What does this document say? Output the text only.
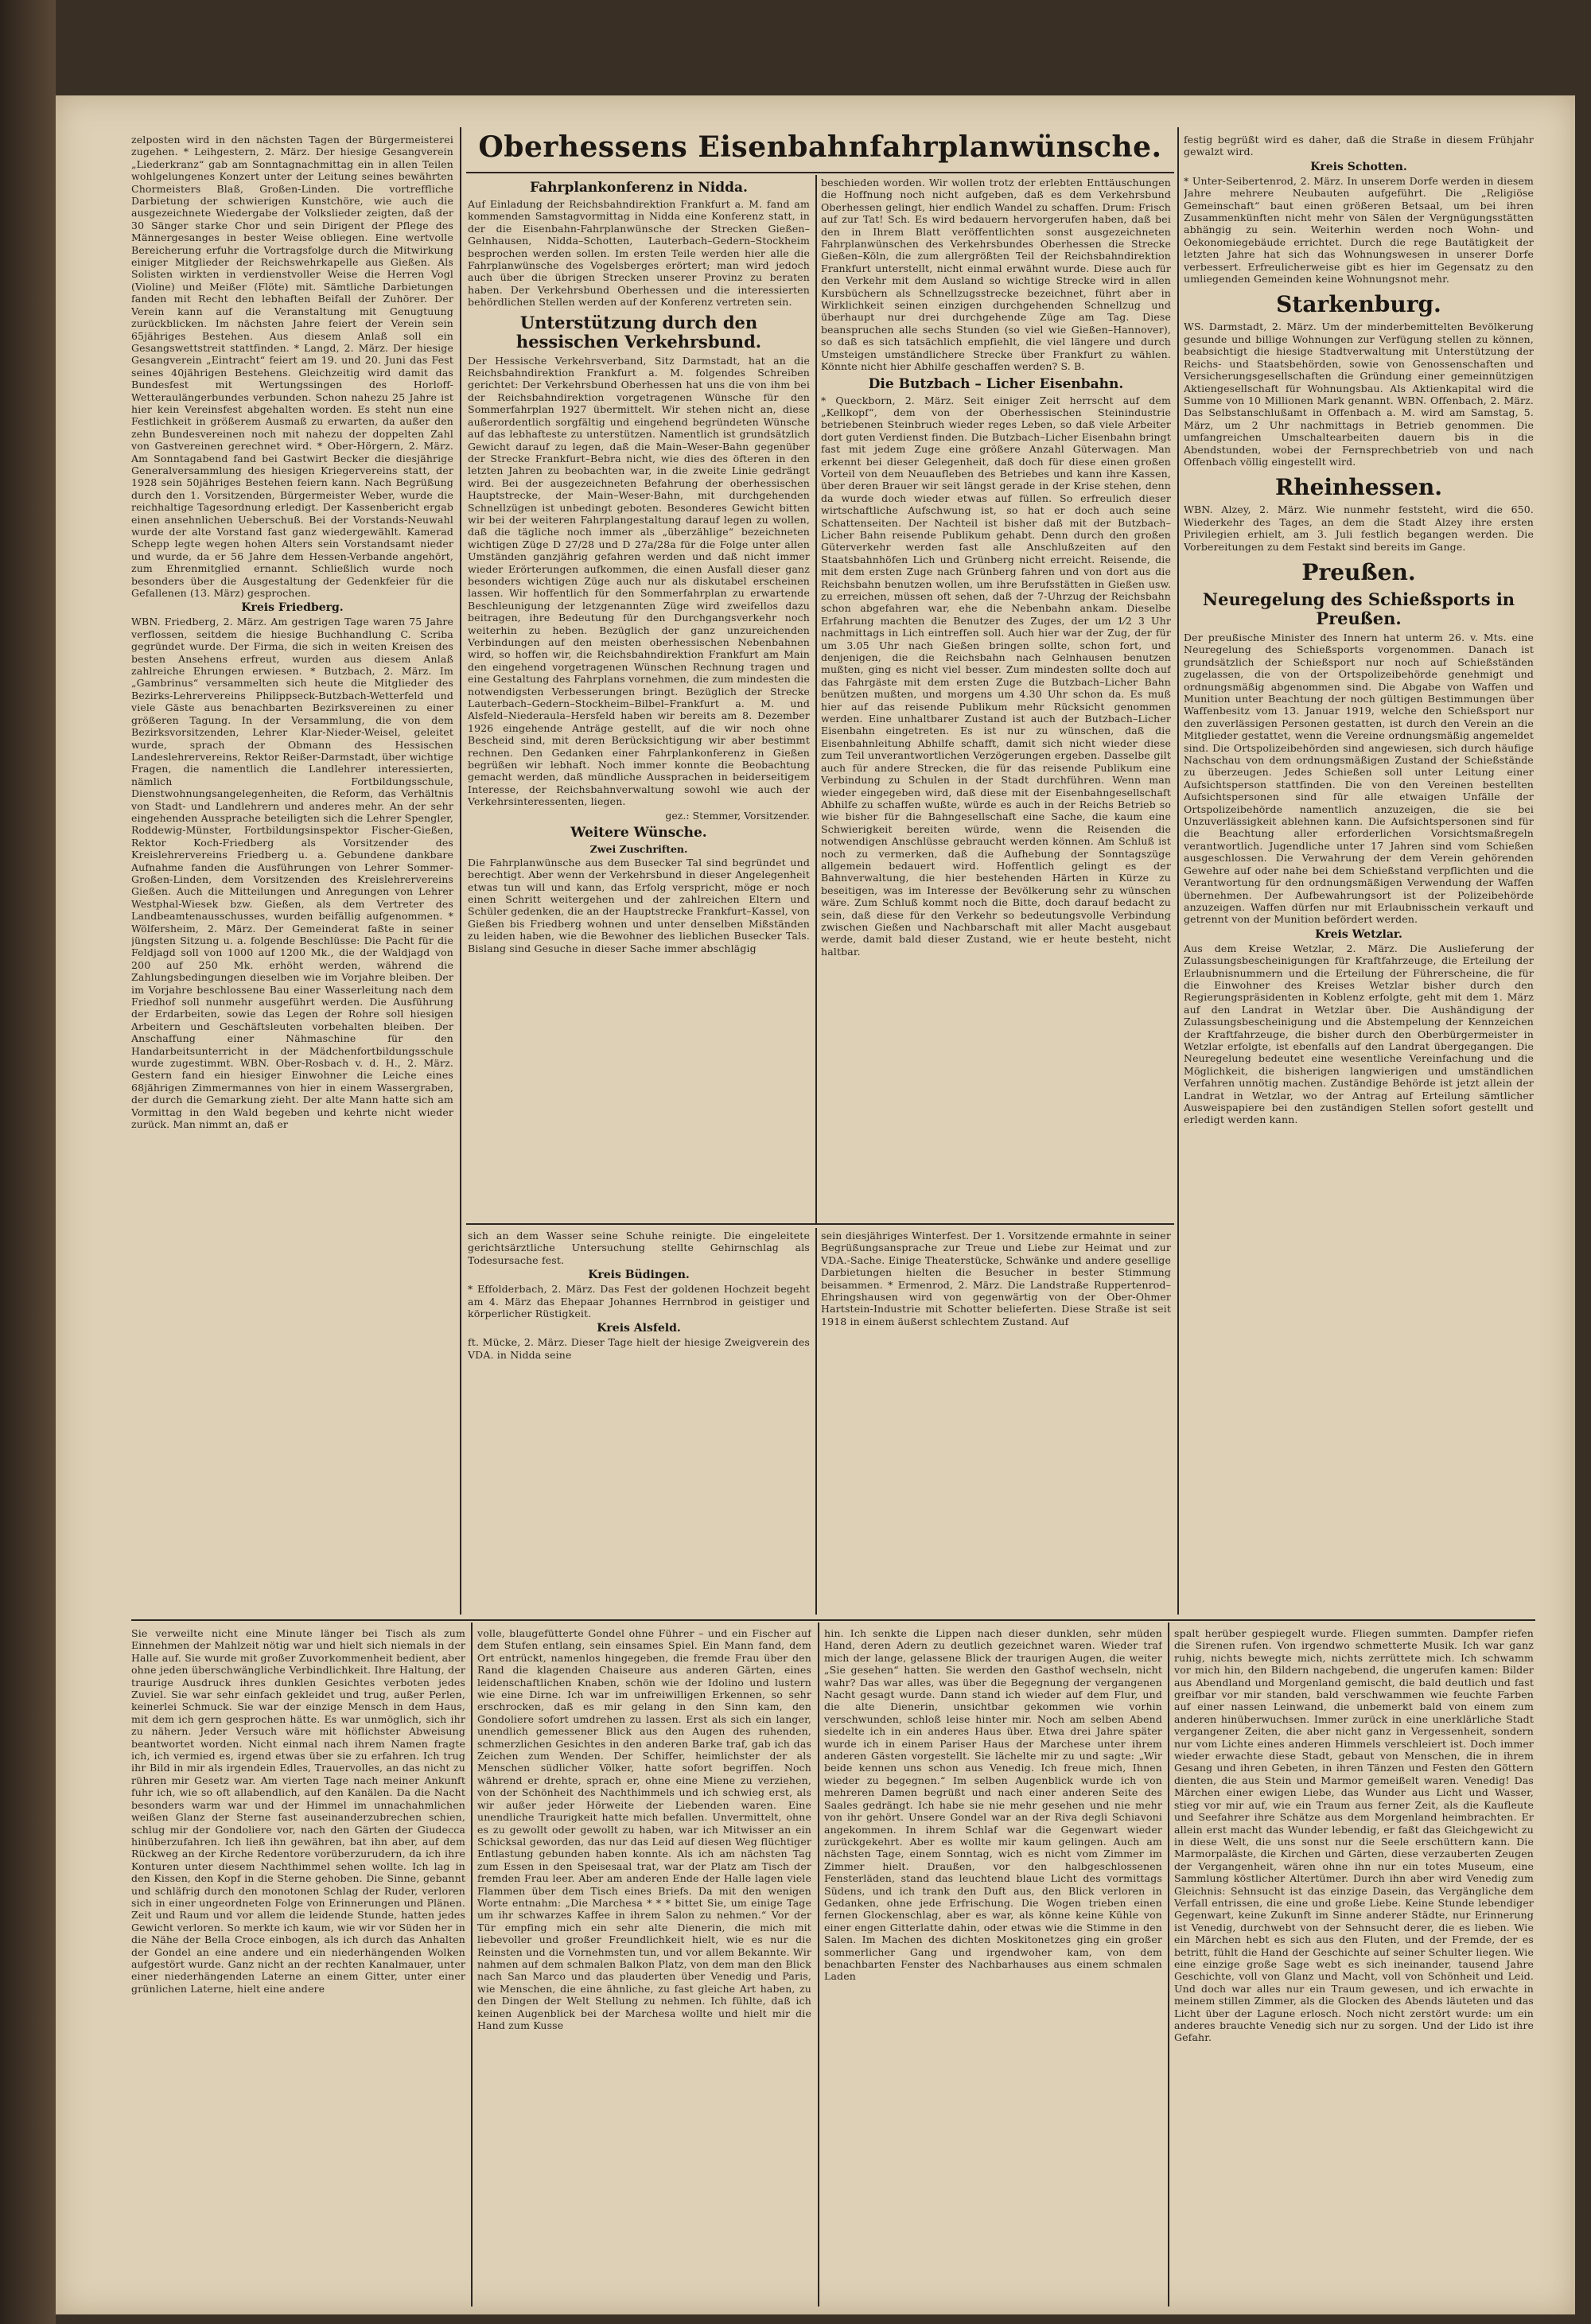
zelposten wird in den nächsten Tagen der Bürgermeisterei zugehen. * Leihgestern, 2. März. Der hiesige Gesangverein „Liederkranz“ gab am Sonntagnachmittag ein in allen Teilen wohlgelungenes Konzert unter der Leitung seines bewährten Chormeisters Blaß, Großen-Linden. Die vortreffliche Darbietung der schwierigen Kunstchöre, wie auch die ausgezeichnete Wiedergabe der Volkslieder zeigten, daß der 30 Sänger starke Chor und sein Dirigent der Pflege des Männergesanges in bester Weise obliegen. Eine wertvolle Bereicherung erfuhr die Vortragsfolge durch die Mitwirkung einiger Mitglieder der Reichswehrkapelle aus Gießen. Als Solisten wirkten in verdienstvoller Weise die Herren Vogl (Violine) und Meißer (Flöte) mit. Sämtliche Darbietungen fanden mit Recht den lebhaften Beifall der Zuhörer. Der Verein kann auf die Veranstaltung mit Genugtuung zurückblicken. Im nächsten Jahre feiert der Verein sein 65jähriges Bestehen. Aus diesem Anlaß soll ein Gesangswettstreit stattfinden. * Langd, 2. März. Der hiesige Gesangverein „Eintracht“ feiert am 19. und 20. Juni das Fest seines 40jährigen Bestehens. Gleichzeitig wird damit das Bundesfest mit Wertungssingen des Horloff-Wetteraulängerbundes verbunden. Schon nahezu 25 Jahre ist hier kein Vereinsfest abgehalten worden. Es steht nun eine Festlichkeit in größerem Ausmaß zu erwarten, da außer den zehn Bundesvereinen noch mit nahezu der doppelten Zahl von Gastvereinen gerechnet wird. * Ober-Hörgern, 2. März. Am Sonntagabend fand bei Gastwirt Becker die diesjährige Generalversammlung des hiesigen Kriegervereins statt, der 1928 sein 50jähriges Bestehen feiern kann. Nach Begrüßung durch den 1. Vorsitzenden, Bürgermeister Weber, wurde die reichhaltige Tagesordnung erledigt. Der Kassenbericht ergab einen ansehnlichen Ueberschuß. Bei der Vorstands-Neuwahl wurde der alte Vorstand fast ganz wiedergewählt. Kamerad Schepp legte wegen hohen Alters sein Vorstandsamt nieder und wurde, da er 56 Jahre dem Hessen-Verbande angehört, zum Ehrenmitglied ernannt. Schließlich wurde noch besonders über die Ausgestaltung der Gedenkfeier für die Gefallenen (13. März) gesprochen.
Kreis Friedberg.
WBN. Friedberg, 2. März. Am gestrigen Tage waren 75 Jahre verflossen, seitdem die hiesige Buchhandlung C. Scriba gegründet wurde. Der Firma, die sich in weiten Kreisen des besten Ansehens erfreut, wurden aus diesem Anlaß zahlreiche Ehrungen erwiesen. * Butzbach, 2. März. Im „Gambrinus“ versammelten sich heute die Mitglieder des Bezirks-Lehrervereins Philippseck-Butzbach-Wetterfeld und viele Gäste aus benachbarten Bezirksvereinen zu einer größeren Tagung. In der Versammlung, die von dem Bezirksvorsitzenden, Lehrer Klar-Nieder-Weisel, geleitet wurde, sprach der Obmann des Hessischen Landeslehrervereins, Rektor Reißer-Darmstadt, über wichtige Fragen, die namentlich die Landlehrer interessierten, nämlich Fortbildungsschule, Dienstwohnungsangelegenheiten, die Reform, das Verhältnis von Stadt- und Landlehrern und anderes mehr. An der sehr eingehenden Aussprache beteiligten sich die Lehrer Spengler, Roddewig-Münster, Fortbildungsinspektor Fischer-Gießen, Rektor Koch-Friedberg als Vorsitzender des Kreislehrervereins Friedberg u. a. Gebundene dankbare Aufnahme fanden die Ausführungen von Lehrer Sommer-Großen-Linden, dem Vorsitzenden des Kreislehrervereins Gießen. Auch die Mitteilungen und Anregungen von Lehrer Westphal-Wiesek bzw. Gießen, als dem Vertreter des Landbeamtenausschusses, wurden beifällig aufgenommen. * Wölfersheim, 2. März. Der Gemeinderat faßte in seiner jüngsten Sitzung u. a. folgende Beschlüsse: Die Pacht für die Feldjagd soll von 1000 auf 1200 Mk., die der Waldjagd von 200 auf 250 Mk. erhöht werden, während die Zahlungsbedingungen dieselben wie im Vorjahre bleiben. Der im Vorjahre beschlossene Bau einer Wasserleitung nach dem Friedhof soll nunmehr ausgeführt werden. Die Ausführung der Erdarbeiten, sowie das Legen der Rohre soll hiesigen Arbeitern und Geschäftsleuten vorbehalten bleiben. Der Anschaffung einer Nähmaschine für den Handarbeitsunterricht in der Mädchenfortbildungsschule wurde zugestimmt. WBN. Ober-Rosbach v. d. H., 2. März. Gestern fand ein hiesiger Einwohner die Leiche eines 68jährigen Zimmermannes von hier in einem Wassergraben, der durch die Gemarkung zieht. Der alte Mann hatte sich am Vormittag in den Wald begeben und kehrte nicht wieder zurück. Man nimmt an, daß er
Oberhessens Eisenbahnfahrplanwünsche.
Fahrplankonferenz in Nidda.
Auf Einladung der Reichsbahndirektion Frankfurt a. M. fand am kommenden Samstagvormittag in Nidda eine Konferenz statt, in der die Eisenbahn-Fahrplanwünsche der Strecken Gießen–Gelnhausen, Nidda–Schotten, Lauterbach–Gedern–Stockheim besprochen werden sollen. Im ersten Teile werden hier alle die Fahrplanwünsche des Vogelsberges erörtert; man wird jedoch auch über die übrigen Strecken unserer Provinz zu beraten haben. Der Verkehrsbund Oberhessen und die interessierten behördlichen Stellen werden auf der Konferenz vertreten sein.
Unterstützung durch den hessischen Verkehrsbund.
Der Hessische Verkehrsverband, Sitz Darmstadt, hat an die Reichsbahndirektion Frankfurt a. M. folgendes Schreiben gerichtet: Der Verkehrsbund Oberhessen hat uns die von ihm bei der Reichsbahndirektion vorgetragenen Wünsche für den Sommerfahrplan 1927 übermittelt. Wir stehen nicht an, diese außerordentlich sorgfältig und eingehend begründeten Wünsche auf das lebhafteste zu unterstützen. Namentlich ist grundsätzlich Gewicht darauf zu legen, daß die Main–Weser-Bahn gegenüber der Strecke Frankfurt–Bebra nicht, wie dies des öfteren in den letzten Jahren zu beobachten war, in die zweite Linie gedrängt wird. Bei der ausgezeichneten Befahrung der oberhessischen Hauptstrecke, der Main–Weser-Bahn, mit durchgehenden Schnellzügen ist unbedingt geboten. Besonderes Gewicht bitten wir bei der weiteren Fahrplangestaltung darauf legen zu wollen, daß die tägliche noch immer als „überzählige“ bezeichneten wichtigen Züge D 27/28 und D 27a/28a für die Folge unter allen Umständen ganzjährig gefahren werden und daß nicht immer wieder Erörterungen aufkommen, die einen Ausfall dieser ganz besonders wichtigen Züge auch nur als diskutabel erscheinen lassen. Wir hoffentlich für den Sommerfahrplan zu erwartende Beschleunigung der letzgenannten Züge wird zweifellos dazu beitragen, ihre Bedeutung für den Durchgangsverkehr noch weiterhin zu heben. Bezüglich der ganz unzureichenden Verbindungen auf den meisten oberhessischen Nebenbahnen wird, so hoffen wir, die Reichsbahndirektion Frankfurt am Main den eingehend vorgetragenen Wünschen Rechnung tragen und eine Gestaltung des Fahrplans vornehmen, die zum mindesten die notwendigsten Verbesserungen bringt. Bezüglich der Strecke Lauterbach–Gedern–Stockheim–Bilbel–Frankfurt a. M. und Alsfeld–Niederaula–Hersfeld haben wir bereits am 8. Dezember 1926 eingehende Anträge gestellt, auf die wir noch ohne Bescheid sind, mit deren Berücksichtigung wir aber bestimmt rechnen. Den Gedanken einer Fahrplankonferenz in Gießen begrüßen wir lebhaft. Noch immer konnte die Beobachtung gemacht werden, daß mündliche Aussprachen in beiderseitigem Interesse, der Reichsbahnverwaltung sowohl wie auch der Verkehrsinteressenten, liegen.
gez.: Stemmer, Vorsitzender.
Weitere Wünsche.
Zwei Zuschriften.
Die Fahrplanwünsche aus dem Busecker Tal sind begründet und berechtigt. Aber wenn der Verkehrsbund in dieser Angelegenheit etwas tun will und kann, das Erfolg verspricht, möge er noch einen Schritt weitergehen und der zahlreichen Eltern und Schüler gedenken, die an der Hauptstrecke Frankfurt–Kassel, von Gießen bis Friedberg wohnen und unter denselben Mißständen zu leiden haben, wie die Bewohner des lieblichen Busecker Tals. Bislang sind Gesuche in dieser Sache immer abschlägig
beschieden worden. Wir wollen trotz der erlebten Enttäuschungen die Hoffnung noch nicht aufgeben, daß es dem Verkehrsbund Oberhessen gelingt, hier endlich Wandel zu schaffen. Drum: Frisch auf zur Tat! Sch. Es wird bedauern hervorgerufen haben, daß bei den in Ihrem Blatt veröffentlichten sonst ausgezeichneten Fahrplanwünschen des Verkehrsbundes Oberhessen die Strecke Gießen–Köln, die zum allergrößten Teil der Reichsbahndirektion Frankfurt unterstellt, nicht einmal erwähnt wurde. Diese auch für den Verkehr mit dem Ausland so wichtige Strecke wird in allen Kursbüchern als Schnellzugsstrecke bezeichnet, führt aber in Wirklichkeit seinen einzigen durchgehenden Schnellzug und überhaupt nur drei durchgehende Züge am Tag. Diese beanspruchen alle sechs Stunden (so viel wie Gießen–Hannover), so daß es sich tatsächlich empfiehlt, die viel längere und durch Umsteigen umständlichere Strecke über Frankfurt zu wählen. Könnte nicht hier Abhilfe geschaffen werden? S. B.
Die Butzbach – Licher Eisenbahn.
* Queckborn, 2. März. Seit einiger Zeit herrscht auf dem „Kellkopf“, dem von der Oberhessischen Steinindustrie betriebenen Steinbruch wieder reges Leben, so daß viele Arbeiter dort guten Verdienst finden. Die Butzbach–Licher Eisenbahn bringt fast mit jedem Zuge eine größere Anzahl Güterwagen. Man erkennt bei dieser Gelegenheit, daß doch für diese einen großen Vorteil von dem Neuaufleben des Betriebes und kann ihre Kassen, über deren Brauer wir seit längst gerade in der Krise stehen, denn da wurde doch wieder etwas auf füllen. So erfreulich dieser wirtschaftliche Aufschwung ist, so hat er doch auch seine Schattenseiten. Der Nachteil ist bisher daß mit der Butzbach–Licher Bahn reisende Publikum gehabt. Denn durch den großen Güterverkehr werden fast alle Anschlußzeiten auf den Staatsbahnhöfen Lich und Grünberg nicht erreicht. Reisende, die mit dem ersten Zuge nach Grünberg fahren und von dort aus die Reichsbahn benutzen wollen, um ihre Berufsstätten in Gießen usw. zu erreichen, müssen oft sehen, daß der 7-Uhrzug der Reichsbahn schon abgefahren war, ehe die Nebenbahn ankam. Dieselbe Erfahrung machten die Benutzer des Zuges, der um 1⁄2 3 Uhr nachmittags in Lich eintreffen soll. Auch hier war der Zug, der für um 3.05 Uhr nach Gießen bringen sollte, schon fort, und denjenigen, die die Reichsbahn nach Gelnhausen benutzen mußten, ging es nicht viel besser. Zum mindesten sollte doch auf das Fahrgäste mit dem ersten Zuge die Butzbach–Licher Bahn benützen mußten, und morgens um 4.30 Uhr schon da. Es muß hier auf das reisende Publikum mehr Rücksicht genommen werden. Eine unhaltbarer Zustand ist auch der Butzbach–Licher Eisenbahn eingetreten. Es ist nur zu wünschen, daß die Eisenbahnleitung Abhilfe schafft, damit sich nicht wieder diese zum Teil unverantwortlichen Verzögerungen ergeben. Dasselbe gilt auch für andere Strecken, die für das reisende Publikum eine Verbindung zu Schulen in der Stadt durchführen. Wenn man wieder eingegeben wird, daß diese mit der Eisenbahngesellschaft Abhilfe zu schaffen wußte, würde es auch in der Reichs Betrieb so wie bisher für die Bahngesellschaft eine Sache, die kaum eine Schwierigkeit bereiten würde, wenn die Reisenden die notwendigen Anschlüsse gebraucht werden können. Am Schluß ist noch zu vermerken, daß die Aufhebung der Sonntagszüge allgemein bedauert wird. Hoffentlich gelingt es der Bahnverwaltung, die hier bestehenden Härten in Kürze zu beseitigen, was im Interesse der Bevölkerung sehr zu wünschen wäre. Zum Schluß kommt noch die Bitte, doch darauf bedacht zu sein, daß diese für den Verkehr so bedeutungsvolle Verbindung zwischen Gießen und Nachbarschaft mit aller Macht ausgebaut werde, damit bald dieser Zustand, wie er heute besteht, nicht haltbar.
festig begrüßt wird es daher, daß die Straße in diesem Frühjahr gewalzt wird.
Kreis Schotten.
* Unter-Seibertenrod, 2. März. In unserem Dorfe werden in diesem Jahre mehrere Neubauten aufgeführt. Die „Religiöse Gemeinschaft“ baut einen größeren Betsaal, um bei ihren Zusammenkünften nicht mehr von Sälen der Vergnügungsstätten abhängig zu sein. Weiterhin werden noch Wohn- und Oekonomiegebäude errichtet. Durch die rege Bautätigkeit der letzten Jahre hat sich das Wohnungswesen in unserer Dorfe verbessert. Erfreulicherweise gibt es hier im Gegensatz zu den umliegenden Gemeinden keine Wohnungsnot mehr.
Starkenburg.
WS. Darmstadt, 2. März. Um der minderbemittelten Bevölkerung gesunde und billige Wohnungen zur Verfügung stellen zu können, beabsichtigt die hiesige Stadtverwaltung mit Unterstützung der Reichs- und Staatsbehörden, sowie von Genossenschaften und Versicherungsgesellschaften die Gründung einer gemeinnützigen Aktiengesellschaft für Wohnungsbau. Als Aktienkapital wird die Summe von 10 Millionen Mark genannt. WBN. Offenbach, 2. März. Das Selbstanschlußamt in Offenbach a. M. wird am Samstag, 5. März, um 2 Uhr nachmittags in Betrieb genommen. Die umfangreichen Umschaltearbeiten dauern bis in die Abendstunden, wobei der Fernsprechbetrieb von und nach Offenbach völlig eingestellt wird.
Rheinhessen.
WBN. Alzey, 2. März. Wie nunmehr feststeht, wird die 650. Wiederkehr des Tages, an dem die Stadt Alzey ihre ersten Privilegien erhielt, am 3. Juli festlich begangen werden. Die Vorbereitungen zu dem Festakt sind bereits im Gange.
Preußen.
Neuregelung des Schießsports in Preußen.
Der preußische Minister des Innern hat unterm 26. v. Mts. eine Neuregelung des Schießsports vorgenommen. Danach ist grundsätzlich der Schießsport nur noch auf Schießständen zugelassen, die von der Ortspolizeibehörde genehmigt und ordnungsmäßig abgenommen sind. Die Abgabe von Waffen und Munition unter Beachtung der noch gültigen Bestimmungen über Waffenbesitz vom 13. Januar 1919, welche den Schießsport nur den zuverlässigen Personen gestatten, ist durch den Verein an die Mitglieder gestattet, wenn die Vereine ordnungsmäßig angemeldet sind. Die Ortspolizeibehörden sind angewiesen, sich durch häufige Nachschau von dem ordnungsmäßigen Zustand der Schießstände zu überzeugen. Jedes Schießen soll unter Leitung einer Aufsichtsperson stattfinden. Die von den Vereinen bestellten Aufsichtspersonen sind für alle etwaigen Unfälle der Ortspolizeibehörde namentlich anzuzeigen, die sie bei Unzuverlässigkeit ablehnen kann. Die Aufsichtspersonen sind für die Beachtung aller erforderlichen Vorsichtsmaßregeln verantwortlich. Jugendliche unter 17 Jahren sind vom Schießen ausgeschlossen. Die Verwahrung der dem Verein gehörenden Gewehre auf oder nahe bei dem Schießstand verpflichten und die Verantwortung für den ordnungsmäßigen Verwendung der Waffen übernehmen. Der Aufbewahrungsort ist der Polizeibehörde anzuzeigen. Waffen dürfen nur mit Erlaubnisschein verkauft und getrennt von der Munition befördert werden.
Kreis Wetzlar.
Aus dem Kreise Wetzlar, 2. März. Die Auslieferung der Zulassungsbescheinigungen für Kraftfahrzeuge, die Erteilung der Erlaubnisnummern und die Erteilung der Führerscheine, die für die Einwohner des Kreises Wetzlar bisher durch den Regierungspräsidenten in Koblenz erfolgte, geht mit dem 1. März auf den Landrat in Wetzlar über. Die Aushändigung der Zulassungsbescheinigung und die Abstempelung der Kennzeichen der Kraftfahrzeuge, die bisher durch den Oberbürgermeister in Wetzlar erfolgte, ist ebenfalls auf den Landrat übergegangen. Die Neuregelung bedeutet eine wesentliche Vereinfachung und die Möglichkeit, die bisherigen langwierigen und umständlichen Verfahren unnötig machen. Zuständige Behörde ist jetzt allein der Landrat in Wetzlar, wo der Antrag auf Erteilung sämtlicher Ausweispapiere bei den zuständigen Stellen sofort gestellt und erledigt werden kann.
sich an dem Wasser seine Schuhe reinigte. Die eingeleitete gerichtsärztliche Untersuchung stellte Gehirnschlag als Todesursache fest.
Kreis Büdingen.
* Effolderbach, 2. März. Das Fest der goldenen Hochzeit begeht am 4. März das Ehepaar Johannes Herrnbrod in geistiger und körperlicher Rüstigkeit.
Kreis Alsfeld.
ft. Mücke, 2. März. Dieser Tage hielt der hiesige Zweigverein des VDA. in Nidda seine
sein diesjähriges Winterfest. Der 1. Vorsitzende ermahnte in seiner Begrüßungsansprache zur Treue und Liebe zur Heimat und zur VDA.-Sache. Einige Theaterstücke, Schwänke und andere gesellige Darbietungen hielten die Besucher in bester Stimmung beisammen. * Ermenrod, 2. März. Die Landstraße Ruppertenrod–Ehringshausen wird von gegenwärtig von der Ober-Ohmer Hartstein-Industrie mit Schotter belieferten. Diese Straße ist seit 1918 in einem äußerst schlechtem Zustand. Auf
Sie verweilte nicht eine Minute länger bei Tisch als zum Einnehmen der Mahlzeit nötig war und hielt sich niemals in der Halle auf. Sie wurde mit großer Zuvorkommenheit bedient, aber ohne jeden überschwängliche Verbindlichkeit. Ihre Haltung, der traurige Ausdruck ihres dunklen Gesichtes verboten jedes Zuviel. Sie war sehr einfach gekleidet und trug, außer Perlen, keinerlei Schmuck. Sie war der einzige Mensch in dem Haus, mit dem ich gern gesprochen hätte. Es war unmöglich, sich ihr zu nähern. Jeder Versuch wäre mit höflichster Abweisung beantwortet worden. Nicht einmal nach ihrem Namen fragte ich, ich vermied es, irgend etwas über sie zu erfahren. Ich trug ihr Bild in mir als irgendein Edles, Trauervolles, an das nicht zu rühren mir Gesetz war. Am vierten Tage nach meiner Ankunft fuhr ich, wie so oft allabendlich, auf den Kanälen. Da die Nacht besonders warm war und der Himmel im unnachahmlichen weißen Glanz der Sterne fast auseinanderzubrechen schien, schlug mir der Gondoliere vor, nach den Gärten der Giudecca hinüberzufahren. Ich ließ ihn gewähren, bat ihn aber, auf dem Rückweg an der Kirche Redentore vorüberzurudern, da ich ihre Konturen unter diesem Nachthimmel sehen wollte. Ich lag in den Kissen, den Kopf in die Sterne gehoben. Die Sinne, gebannt und schläfrig durch den monotonen Schlag der Ruder, verloren sich in einer ungeordneten Folge von Erinnerungen und Plänen. Zeit und Raum und vor allem die leidende Stunde, hatten jedes Gewicht verloren. So merkte ich kaum, wie wir vor Süden her in die Nähe der Bella Croce einbogen, als ich durch das Anhalten der Gondel an eine andere und ein niederhängenden Wolken aufgestört wurde. Ganz nicht an der rechten Kanalmauer, unter einer niederhängenden Laterne an einem Gitter, unter einer grünlichen Laterne, hielt eine andere
volle, blaugefütterte Gondel ohne Führer – und ein Fischer auf dem Stufen entlang, sein einsames Spiel. Ein Mann fand, dem Ort entrückt, namenlos hingegeben, die fremde Frau über den Rand die klagenden Chaiseure aus anderen Gärten, eines leidenschaftlichen Knaben, schön wie der Idolino und lustern wie eine Dirne. Ich war im unfreiwilligen Erkennen, so sehr erschrocken, daß es mir gelang in den Sinn kam, den Gondoliere sofort umdrehen zu lassen. Erst als sich ein langer, unendlich gemessener Blick aus den Augen des ruhenden, schmerzlichen Gesichtes in den anderen Barke traf, gab ich das Zeichen zum Wenden. Der Schiffer, heimlichster der als Menschen südlicher Völker, hatte sofort begriffen. Noch während er drehte, sprach er, ohne eine Miene zu verziehen, von der Schönheit des Nachthimmels und ich schwieg erst, als wir außer jeder Hörweite der Liebenden waren. Eine unendliche Traurigkeit hatte mich befallen. Unvermittelt, ohne es zu gewollt oder gewollt zu haben, war ich Mitwisser an ein Schicksal geworden, das nur das Leid auf diesen Weg flüchtiger Entlastung gebunden haben konnte. Als ich am nächsten Tag zum Essen in den Speisesaal trat, war der Platz am Tisch der fremden Frau leer. Aber am anderen Ende der Halle lagen viele Flammen über dem Tisch eines Briefs. Da mit den wenigen Worte entnahm: „Die Marchesa * * * bittet Sie, um einige Tage um ihr schwarzes Kaffee in ihrem Salon zu nehmen.“ Vor der Tür empfing mich ein sehr alte Dienerin, die mich mit liebevoller und großer Freundlichkeit hielt, wie es nur die Reinsten und die Vornehmsten tun, und vor allem Bekannte. Wir nahmen auf dem schmalen Balkon Platz, von dem man den Blick nach San Marco und das plauderten über Venedig und Paris, wie Menschen, die eine ähnliche, zu fast gleiche Art haben, zu den Dingen der Welt Stellung zu nehmen. Ich fühlte, daß ich keinen Augenblick bei der Marchesa wollte und hielt mir die Hand zum Kusse
hin. Ich senkte die Lippen nach dieser dunklen, sehr müden Hand, deren Adern zu deutlich gezeichnet waren. Wieder traf mich der lange, gelassene Blick der traurigen Augen, die weiter „Sie gesehen“ hatten. Sie werden den Gasthof wechseln, nicht wahr? Das war alles, was über die Begegnung der vergangenen Nacht gesagt wurde. Dann stand ich wieder auf dem Flur, und die alte Dienerin, unsichtbar gekommen wie vorhin verschwunden, schloß leise hinter mir. Noch am selben Abend siedelte ich in ein anderes Haus über. Etwa drei Jahre später wurde ich in einem Pariser Haus der Marchese unter ihrem anderen Gästen vorgestellt. Sie lächelte mir zu und sagte: „Wir beide kennen uns schon aus Venedig. Ich freue mich, Ihnen wieder zu begegnen.“ Im selben Augenblick wurde ich von mehreren Damen begrüßt und nach einer anderen Seite des Saales gedrängt. Ich habe sie nie mehr gesehen und nie mehr von ihr gehört. Unsere Gondel war an der Riva degli Schiavoni angekommen. In ihrem Schlaf war die Gegenwart wieder zurückgekehrt. Aber es wollte mir kaum gelingen. Auch am nächsten Tage, einem Sonntag, wich es nicht vom Zimmer im Zimmer hielt. Draußen, vor den halbgeschlossenen Fensterläden, stand das leuchtend blaue Licht des vormittags Südens, und ich trank den Duft aus, den Blick verloren in Gedanken, ohne jede Erfrischung. Die Wogen trieben einen fernen Glockenschlag, aber es war, als könne keine Kühle von einer engen Gitterlatte dahin, oder etwas wie die Stimme in den Salen. Im Machen des dichten Moskitonetzes ging ein großer sommerlicher Gang und irgendwoher kam, von dem benachbarten Fenster des Nachbarhauses aus einem schmalen Laden
spalt herüber gespiegelt wurde. Fliegen summten. Dampfer riefen die Sirenen rufen. Von irgendwo schmetterte Musik. Ich war ganz ruhig, nichts bewegte mich, nichts zerrüttete mich. Ich schwamm vor mich hin, den Bildern nachgebend, die ungerufen kamen: Bilder aus Abendland und Morgenland gemischt, die bald deutlich und fast greifbar vor mir standen, bald verschwammen wie feuchte Farben auf einer nassen Leinwand, die unbemerkt bald von einem zum anderen hinüberwuchsen. Immer zurück in eine unerklärliche Stadt vergangener Zeiten, die aber nicht ganz in Vergessenheit, sondern nur vom Lichte eines anderen Himmels verschleiert ist. Doch immer wieder erwachte diese Stadt, gebaut von Menschen, die in ihrem Gesang und ihren Gebeten, in ihren Tänzen und Festen den Göttern dienten, die aus Stein und Marmor gemeißelt waren. Venedig! Das Märchen einer ewigen Liebe, das Wunder aus Licht und Wasser, stieg vor mir auf, wie ein Traum aus ferner Zeit, als die Kaufleute und Seefahrer ihre Schätze aus dem Morgenland heimbrachten. Er allein erst macht das Wunder lebendig, er faßt das Gleichgewicht zu in diese Welt, die uns sonst nur die Seele erschüttern kann. Die Marmorpaläste, die Kirchen und Gärten, diese verzauberten Zeugen der Vergangenheit, wären ohne ihn nur ein totes Museum, eine Sammlung köstlicher Altertümer. Durch ihn aber wird Venedig zum Gleichnis: Sehnsucht ist das einzige Dasein, das Vergängliche dem Verfall entrissen, die eine und große Liebe. Keine Stunde lebendiger Gegenwart, keine Zukunft im Sinne anderer Städte, nur Erinnerung ist Venedig, durchwebt von der Sehnsucht derer, die es lieben. Wie ein Märchen hebt es sich aus den Fluten, und der Fremde, der es betritt, fühlt die Hand der Geschichte auf seiner Schulter liegen. Wie eine einzige große Sage webt es sich ineinander, tausend Jahre Geschichte, voll von Glanz und Macht, voll von Schönheit und Leid. Und doch war alles nur ein Traum gewesen, und ich erwachte in meinem stillen Zimmer, als die Glocken des Abends läuteten und das Licht über der Lagune erlosch. Noch nicht zerstört wurde: um ein anderes brauchte Venedig sich nur zu sorgen. Und der Lido ist ihre Gefahr.
